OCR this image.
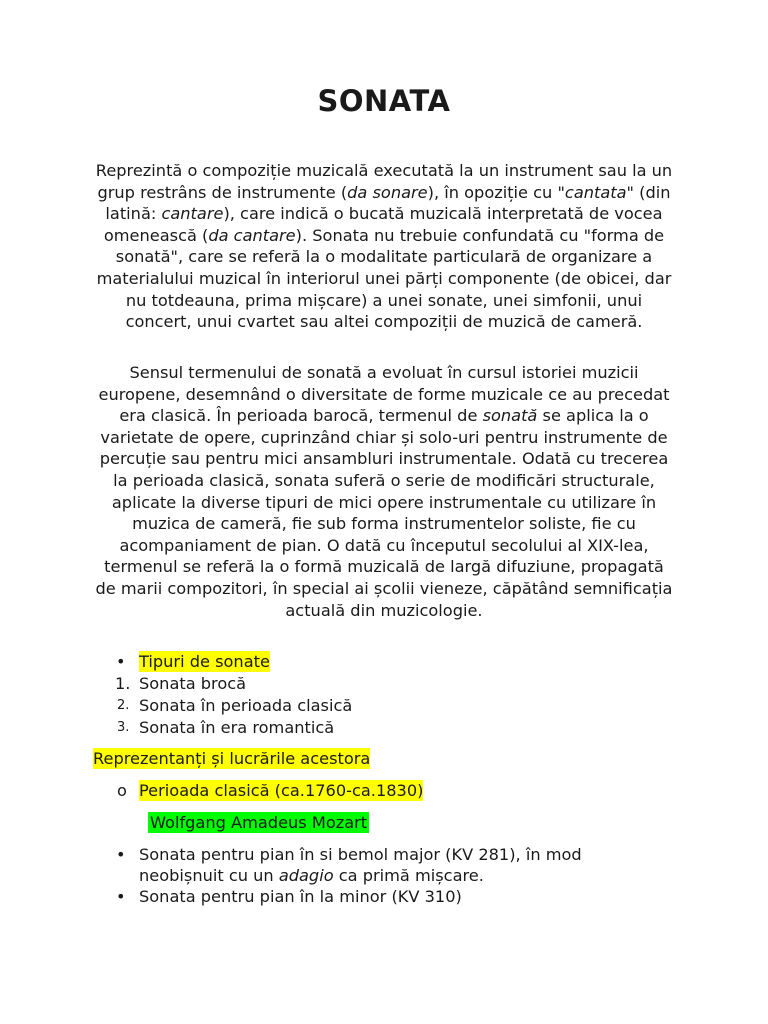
SONATA

Reprezintă o compoziție muzicală executată la un instrument sau la un grup restrâns de instrumente (da sonare), în opoziție cu "cantata" (din latină: cantare), care indică o bucată muzicală interpretată de vocea omenească (da cantare). Sonata nu trebuie confundată cu "forma de sonată", care se referă la o modalitate particulară de organizare a materialului muzical în interiorul unei părți componente (de obicei, dar nu totdeauna, prima mișcare) a unei sonate, unei simfonii, unui concert, unui cvartet sau altei compoziții de muzică de cameră.

Sensul termenului de sonată a evoluat în cursul istoriei muzicii europene, desemnând o diversitate de forme muzicale ce au precedat era clasică. În perioada barocă, termenul de sonată se aplica la o varietate de opere, cuprinzând chiar și solo-uri pentru instrumente de percuție sau pentru mici ansambluri instrumentale. Odată cu trecerea la perioada clasică, sonata suferă o serie de modificări structurale, aplicate la diverse tipuri de mici opere instrumentale cu utilizare în muzica de cameră, fie sub forma instrumentelor soliste, fie cu acompaniament de pian. O dată cu începutul secolului al XIX-lea, termenul se referă la o formă muzicală de largă difuziune, propagată de marii compozitori, în special ai școlii vieneze, căpătând semnificația actuală din muzicologie.

• Tipuri de sonate
1. Sonata brocă
2. Sonata în perioada clasică
3. Sonata în era romantică
Reprezentanți și lucrările acestora
o Perioada clasică (ca.1760-ca.1830)
Wolfgang Amadeus Mozart
• Sonata pentru pian în si bemol major (KV 281), în mod neobișnuit cu un adagio ca primă mișcare.
• Sonata pentru pian în la minor (KV 310)
